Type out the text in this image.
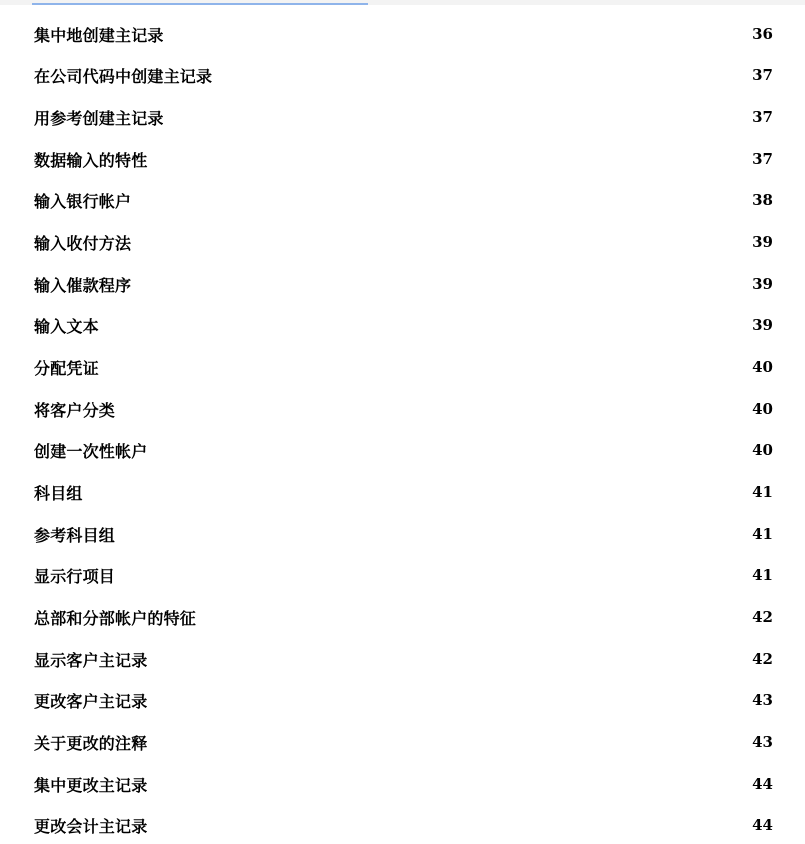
集中地创建主记录	36
在公司代码中创建主记录	37
用参考创建主记录	37
数据输入的特性	37
输入银行帐户	38
输入收付方法	39
输入催款程序	39
输入文本	39
分配凭证	40
将客户分类	40
创建一次性帐户	40
科目组	41
参考科目组	41
显示行项目	41
总部和分部帐户的特征	42
显示客户主记录	42
更改客户主记录	43
关于更改的注释	43
集中更改主记录	44
更改会计主记录	44
